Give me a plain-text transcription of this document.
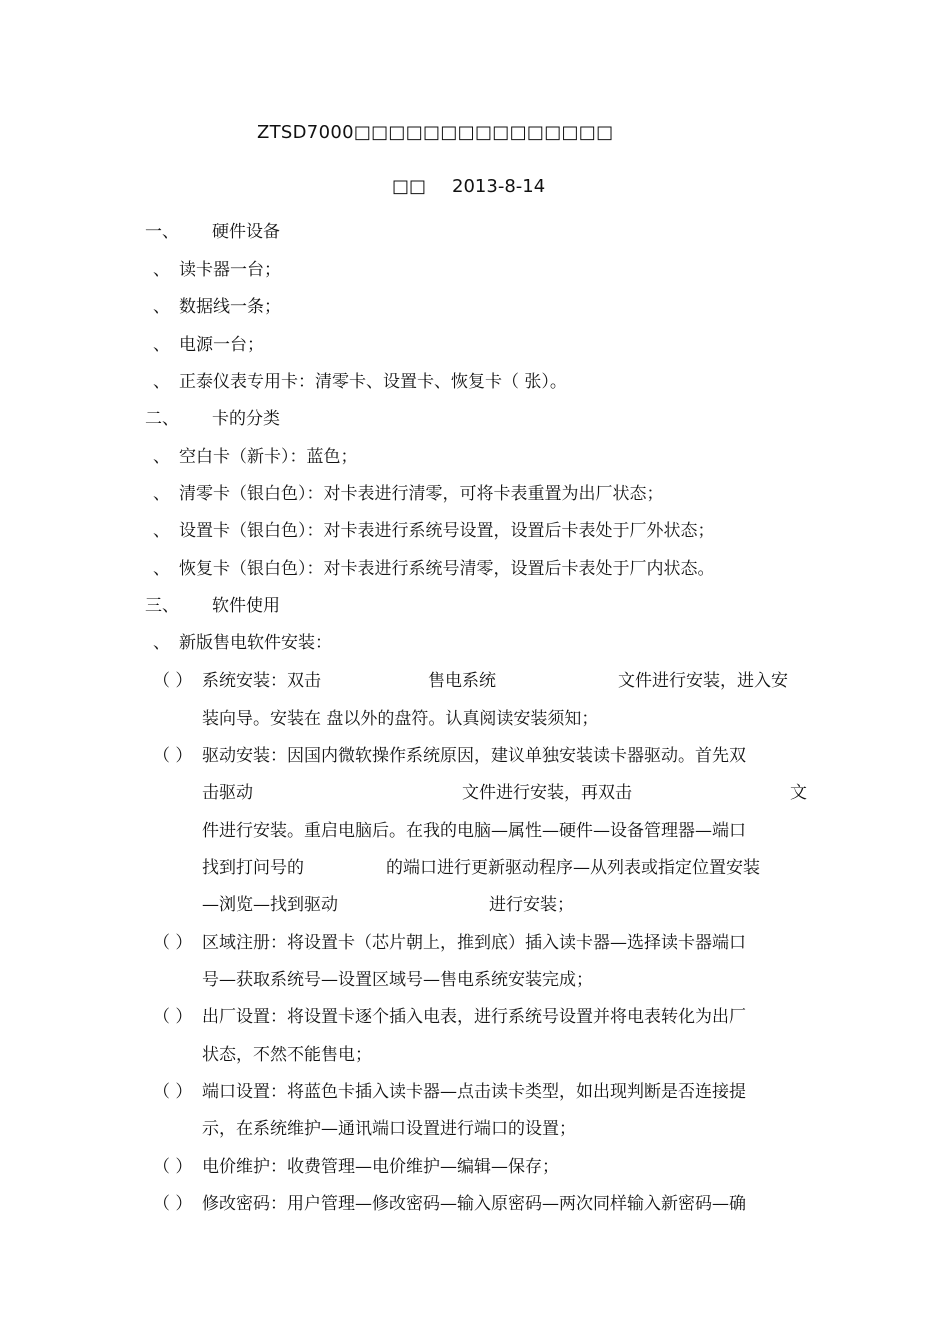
ZTSD7000□□□□□□□□□□□□□□□
□□ 2013-8-14
一、 硬件设备
、 读卡器一台；
、 数据线一条；
、 电源一台；
、 正泰仪表专用卡：清零卡、设置卡、恢复卡（ 张）。
二、 卡的分类
、 空白卡（新卡）：蓝色；
、 清零卡（银白色）：对卡表进行清零，可将卡表重置为出厂状态；
、 设置卡（银白色）：对卡表进行系统号设置，设置后卡表处于厂外状态；
、 恢复卡（银白色）：对卡表进行系统号清零，设置后卡表处于厂内状态。
三、 软件使用
、 新版售电软件安装：
（ ） 系统安装：双击	售电系统	文件进行安装，进入安
装向导。安装在 盘以外的盘符。认真阅读安装须知；
（ ） 驱动安装：因国内微软操作系统原因，建议单独安装读卡器驱动。首先双
击驱动	文件进行安装，再双击	文
件进行安装。重启电脑后。在我的电脑—属性—硬件—设备管理器—端口
找到打问号的	的端口进行更新驱动程序—从列表或指定位置安装
—浏览—找到驱动	进行安装；
（ ） 区域注册：将设置卡（芯片朝上，推到底）插入读卡器—选择读卡器端口
号—获取系统号—设置区域号—售电系统安装完成；
（ ） 出厂设置：将设置卡逐个插入电表，进行系统号设置并将电表转化为出厂
状态，不然不能售电；
（ ） 端口设置：将蓝色卡插入读卡器—点击读卡类型，如出现判断是否连接提
示，在系统维护—通讯端口设置进行端口的设置；
（ ） 电价维护：收费管理—电价维护—编辑—保存；
（ ） 修改密码：用户管理—修改密码—输入原密码—两次同样输入新密码—确
